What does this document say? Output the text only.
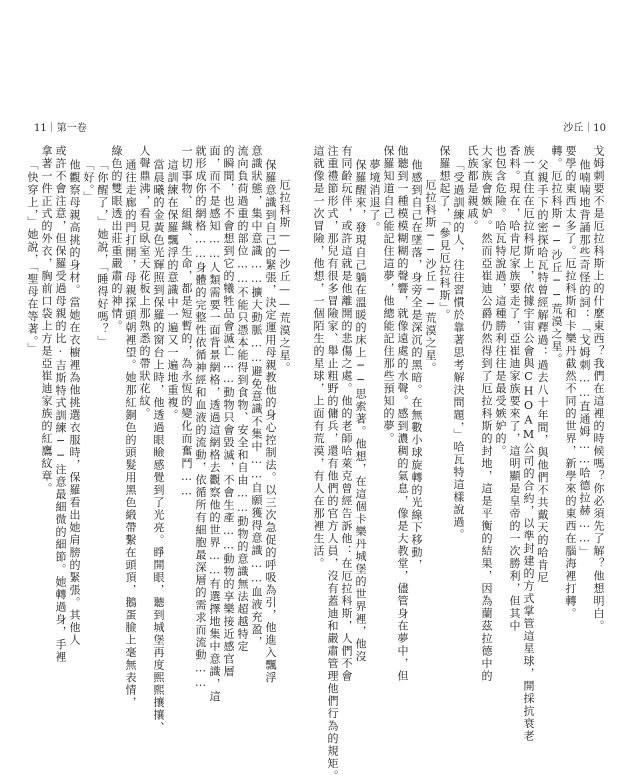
11｜第一卷
厄拉科斯——沙丘——荒漠之星。
保羅意識到自己的緊張，決定運用母親教他的身心控制法。以三次急促的呼吸為引，他進入飄浮
意識狀態，集中意識……擴大動脈……避免意識不集中……自願獲得意識……血液充盈，
流向負荷過重的部位……不能只憑本能得到食物、安全和自由……動物的意識無法超越特定
的瞬間，也不會想到它的犧牲品會滅亡……動物只會毀滅，不會生產……動物的享樂接近感官層
面，而不是感知……人類需要一面背景網格，透過這網格去觀察他的世界……有選擇地集中意識，這
就形成你的網格……身體的完整性依循神經和血液的流動，依循所有細胞最深層的需求而流動……
一切事物、組織、生命，都是短暫的，為永恆的變化而奮鬥……
這訓練在保羅飄浮的意識中一遍又一遍地重複。
當晨曦的金黃色光輝照到保羅的窗台上時，他透過眼瞼感覺到了光亮。睜開眼，聽到城堡再度熙熙攘攘、
人聲鼎沸，看見臥室天花板上那熟悉的帶狀花紋。
通往走廊的門打開，母親探頭朝裡望。她那紅銅色的頭髮用黑色緞帶繫在頭頂，鵝蛋臉上毫無表情，
綠色的雙眼透出莊重嚴肅的神情。
「你醒了，」她說，「睡得好嗎？」
「好。」
他觀察母親高挑的身材。當她在衣櫥裡為他挑選衣服時，保羅看出她肩膀的緊張。其他人
或許不會注意，但保羅受過母親的比·吉斯特式訓練──注意最細微的細節。她轉過身，手裡
拿著一件正式的外衣，胸前口袋上方是亞崔迪家族的紅鷹紋章。
「快穿上，」她說，「聖母在等著。」
沙丘｜10
戈姆刺要不是厄拉科斯上的什麼東西？我們在這裡的時候嗎？你必須先了解？他想明白。
他喃喃地背誦那些奇怪的詞：「戈姆刺……直通姆……哈德拉赫……」
要學的東西太多了。厄拉科斯和卡樂丹截然不同的世界，新學來的東西在腦海裡打轉。
轉。厄拉科斯──沙丘──荒漠之星。
父親手下的密探哈瓦特曾經解釋過：過去八十年間，與他們不共戴天的哈肯尼
族一直住在厄拉科斯上，依據宇宙公會與CHOAM公司的合約，以準封建的方式掌管這星球，開採抗衰老
香料。現在，哈肯尼家族要走了，亞崔迪家族要來了，這明顯是皇帝的一次勝利，但其中
也包含危險。哈瓦特說過，這種勝利往往是最受嫉妒的。
大家族會嫉妒。然而亞崔迪公爵仍然得到了厄拉科斯的封地，這是平衡的結果，因為蘭茲拉德中的
氏族都是親戚。
「受過訓練的人，往往習慣於靠著思考解決問題，」哈瓦特這樣說過。
保羅想起了，「參見厄拉科斯」。
厄拉科斯──沙丘──荒漠之星。
他感到自己在墜落，身旁全是深沉的黑暗。在無數小球旋轉的光線下移動，
他聽到一種模模糊糊的聲響，就像遠處的水聲。感到濃稠的氣息，像是大教堂，儘管身在夢中，但
保羅知道自己能記住這夢，他總能記住那些預知的夢。
夢境消退了。
保羅醒來，發現自己躺在溫暖的床上──思索著。他想，在這個卡樂丹城堡的世界裡，他沒
有同齡玩伴，或許這就是他離開的悲傷之處。他的老師哈萊克曾經告訴他：在厄拉科斯，人們不會
注重禮節形式，那兒有很多冒險家、舉止粗野的傭兵，還有他們的官方人員，沒有蓋迪和嚴肅管理他們行為的規矩。
這就像是一次冒險，他想，一個陌生的星球，上面有荒漠，有人在那裡生活。
